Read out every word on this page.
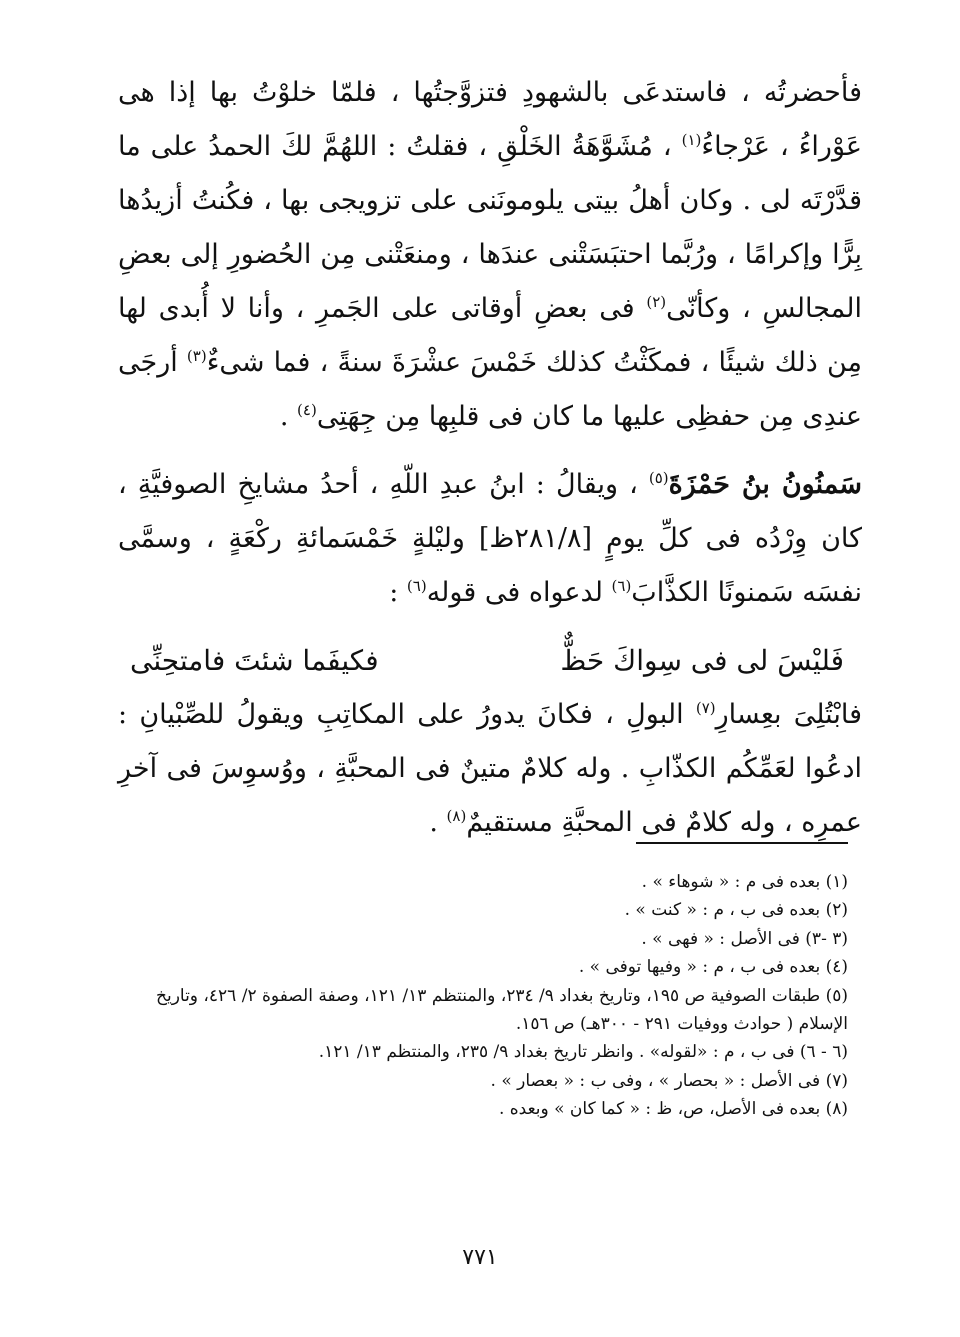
فأحضرتُه ، فاستدعَى بالشهودِ فتزوَّجتُها ، فلمّا خلوْتُ بها إذا هى عَوْراءُ ، عَرْجاءُ$^{(١)}$ ، مُشَوَّهَةُ الخَلْقِ ، فقلتُ : اللهُمَّ لكَ الحمدُ على ما قدَّرْتَه لى . وكان أهلُ بيتى يلومونَنى على تزويجى بها ، فكُنتُ أزيدُها بِرًّا وإكرامًا ، ورُبَّما احتبَسَتْنى عندَها ، ومنعَتْنى مِن الحُضورِ إلى بعضِ المجالسِ ، وكأنّى$^{(٢)}$ فى بعضِ أوقاتى على الجَمرِ ، وأنا لا أُبدى لها مِن ذلك شيئًا ، فمكَثْتُ كذلك خَمْسَ عشْرَةَ سنةً ، فما شىءٌ$^{(٣)}$ أرجَى عندِى مِن حفظِى عليها ما كان فى قلبِها مِن جِهَتِى$^{(٤)}$ .

سَمنُونُ بنُ حَمْزَةَ$^{(٥)}$ ، ويقالُ : ابنُ عبدِ اللّهِ ، أحدُ مشايخِ الصوفيَّةِ ، كان وِرْدُه فى كلِّ يومٍ [٢٨١/٨ظ] وليْلةٍ خَمْسَمائةِ ركْعَةٍ ، وسمَّى نفسَه سَمنونًا الكذَّابَ$^{(٦)}$ لدعواه فى قوله$^{(٦)}$ :

فَليْسَ لى فى سِواكَ حَظٌّ
فكيفَما شئتَ فامتحِنِّى

فابْتُلِىَ بعِسارِ$^{(٧)}$ البولِ ، فكانَ يدورُ على المكاتِبِ ويقولُ للصِّبْيانِ : ادعُوا لعَمِّكُم الكذّابِ . وله كلامٌ متينٌ فى المحبَّةِ ، ووُسوِسَ فى آخرِ عمرِه ، وله كلامٌ فى المحبَّةِ مستقيمٌ$^{(٨)}$ .

(١) بعده فى م : « شوهاء » .

(٢) بعده فى ب ، م : « كنت » .

(٣ -٣) فى الأصل : « فهى » .

(٤) بعده فى ب ، م : « وفيها توفى » .

(٥) طبقات الصوفية ص ١٩٥، وتاريخ بغداد ٩/ ٢٣٤، والمنتظم ١٣/ ١٢١، وصفة الصفوة ٢/ ٤٢٦، وتاريخ الإسلام ( حوادث ووفيات ٢٩١ - ٣٠٠هـ) ص ١٥٦.

(٦ - ٦) فى ب ، م : «لقوله» . وانظر تاريخ بغداد ٩/ ٢٣٥، والمنتظم ١٣/ ١٢١.

(٧) فى الأصل : « بحصار » ، وفى ب : « بعصار » .

(٨) بعده فى الأصل، ص، ظ : « كما كان » وبعده .

٧٧١
